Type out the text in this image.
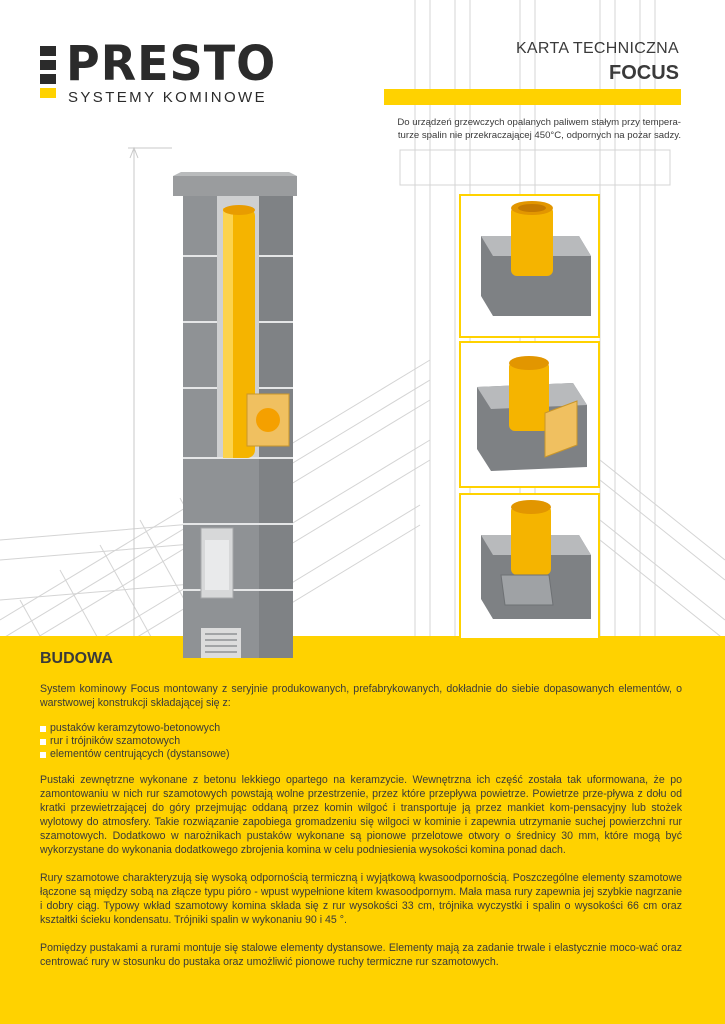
PRESTO
SYSTEMY KOMINOWE
KARTA TECHNICZNA
FOCUS
Do urządzeń grzewczych opalanych paliwem stałym przy tempera-turze spalin nie przekraczającej 450°C, odpornych na pożar sadzy.
BUDOWA

System kominowy Focus montowany z seryjnie produkowanych, prefabrykowanych, dokładnie do siebie dopasowanych elementów, o warstwowej konstrukcji składającej się z:

pustaków keramzytowo-betonowych
rur i trójników szamotowych
elementów centrujących (dystansowe)

Pustaki zewnętrzne wykonane z betonu lekkiego opartego na keramzycie. Wewnętrzna ich część została tak uformowana, że po zamontowaniu w nich rur szamotowych powstają wolne przestrzenie, przez które przepływa powietrze. Powietrze prze-pływa z dołu od kratki przewietrzającej do góry przejmując oddaną przez komin wilgoć i transportuje ją przez mankiet kom-pensacyjny lub stożek wylotowy do atmosfery. Takie rozwiązanie zapobiega gromadzeniu się wilgoci w kominie i zapewnia utrzymanie suchej powierzchni rur szamotowych. Dodatkowo w narożnikach pustaków wykonane są pionowe przelotowe otwory o średnicy 30 mm, które mogą być wykorzystane do wykonania dodatkowego zbrojenia komina w celu podniesienia wysokości komina ponad dach.

Rury szamotowe charakteryzują się wysoką odpornością termiczną i wyjątkową kwasoodpornością. Poszczególne elementy szamotowe łączone są między sobą na złącze typu pióro - wpust wypełnione kitem kwasoodpornym. Mała masa rury zapewnia jej szybkie nagrzanie i dobry ciąg. Typowy wkład szamotowy komina składa się z rur wysokości 33 cm, trójnika wyczystki i spalin o wysokości 66 cm oraz kształtki ścieku kondensatu. Trójniki spalin w wykonaniu 90 i 45 °.

Pomiędzy pustakami a rurami montuje się stalowe elementy dystansowe. Elementy mają za zadanie trwale i elastycznie moco-wać oraz centrować rury w stosunku do pustaka oraz umożliwić pionowe ruchy termiczne rur szamotowych.
